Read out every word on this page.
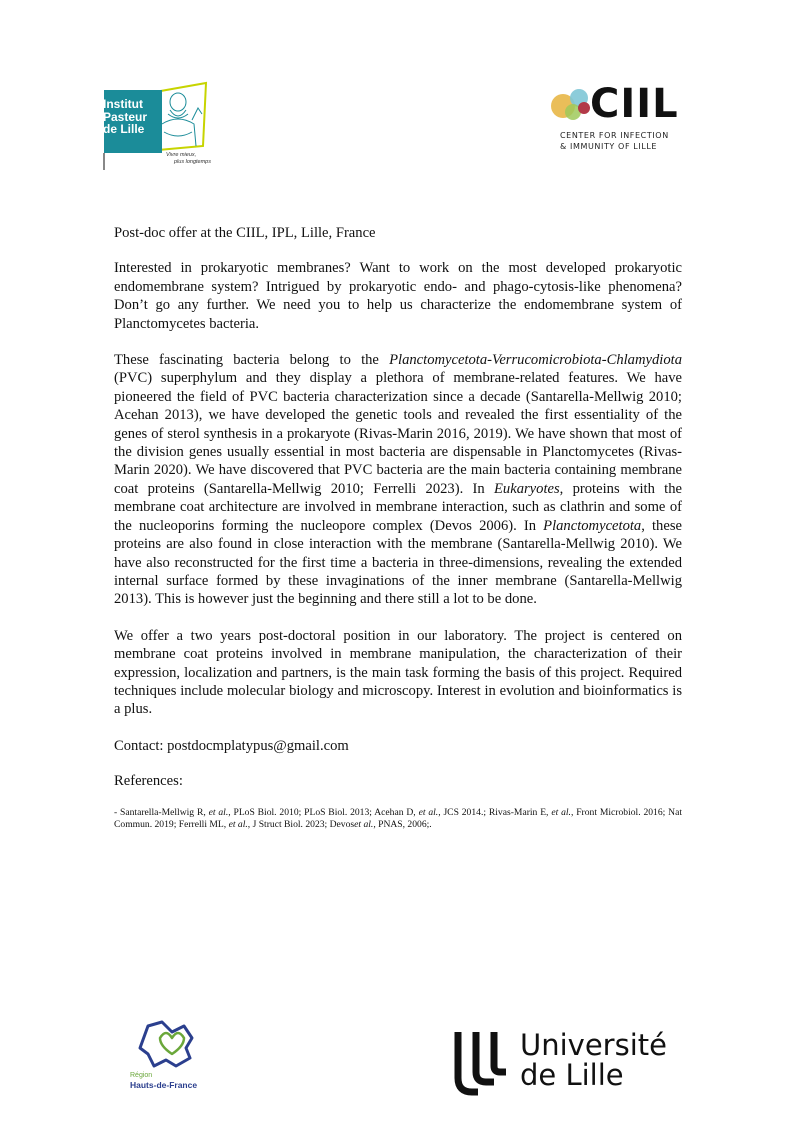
Institut
Pasteur
de Lille
Vivre mieux,
plus longtemps
CIIL
CENTER FOR INFECTION
& IMMUNITY OF LILLE

Post-doc offer at the CIIL, IPL, Lille, France

Interested in prokaryotic membranes? Want to work on the most developed prokaryotic endomembrane system? Intrigued by prokaryotic endo- and phago-cytosis-like phenomena? Don’t go any further. We need you to help us characterize the endomembrane system of Planctomycetes bacteria.

These fascinating bacteria belong to the Planctomycetota-Verrucomicrobiota-Chlamydiota (PVC) superphylum and they display a plethora of membrane-related features. We have pioneered the field of PVC bacteria characterization since a decade (Santarella-Mellwig 2010; Acehan 2013), we have developed the genetic tools and revealed the first essentiality of the genes of sterol synthesis in a prokaryote (Rivas-Marin 2016, 2019). We have shown that most of the division genes usually essential in most bacteria are dispensable in Planctomycetes (Rivas-Marin 2020). We have discovered that PVC bacteria are the main bacteria containing membrane coat proteins (Santarella-Mellwig 2010; Ferrelli 2023). In Eukaryotes, proteins with the membrane coat architecture are involved in membrane interaction, such as clathrin and some of the nucleoporins forming the nucleopore complex (Devos 2006). In Planctomycetota, these proteins are also found in close interaction with the membrane (Santarella-Mellwig 2010). We have also reconstructed for the first time a bacteria in three-dimensions, revealing the extended internal surface formed by these invaginations of the inner membrane (Santarella-Mellwig 2013). This is however just the beginning and there still a lot to be done.

We offer a two years post-doctoral position in our laboratory. The project is centered on membrane coat proteins involved in membrane manipulation, the characterization of their expression, localization and partners, is the main task forming the basis of this project. Required techniques include molecular biology and microscopy. Interest in evolution and bioinformatics is a plus.

Contact: postdocmplatypus@gmail.com

References:

- Santarella-Mellwig R, et al., PLoS Biol. 2010; PLoS Biol. 2013; Acehan D, et al., JCS 2014.; Rivas-Marin E, et al., Front Microbiol. 2016; Nat Commun. 2019; Ferrelli ML, et al., J Struct Biol. 2023; Devoset al., PNAS, 2006;.

Région
Hauts-de-France
Université
de Lille
